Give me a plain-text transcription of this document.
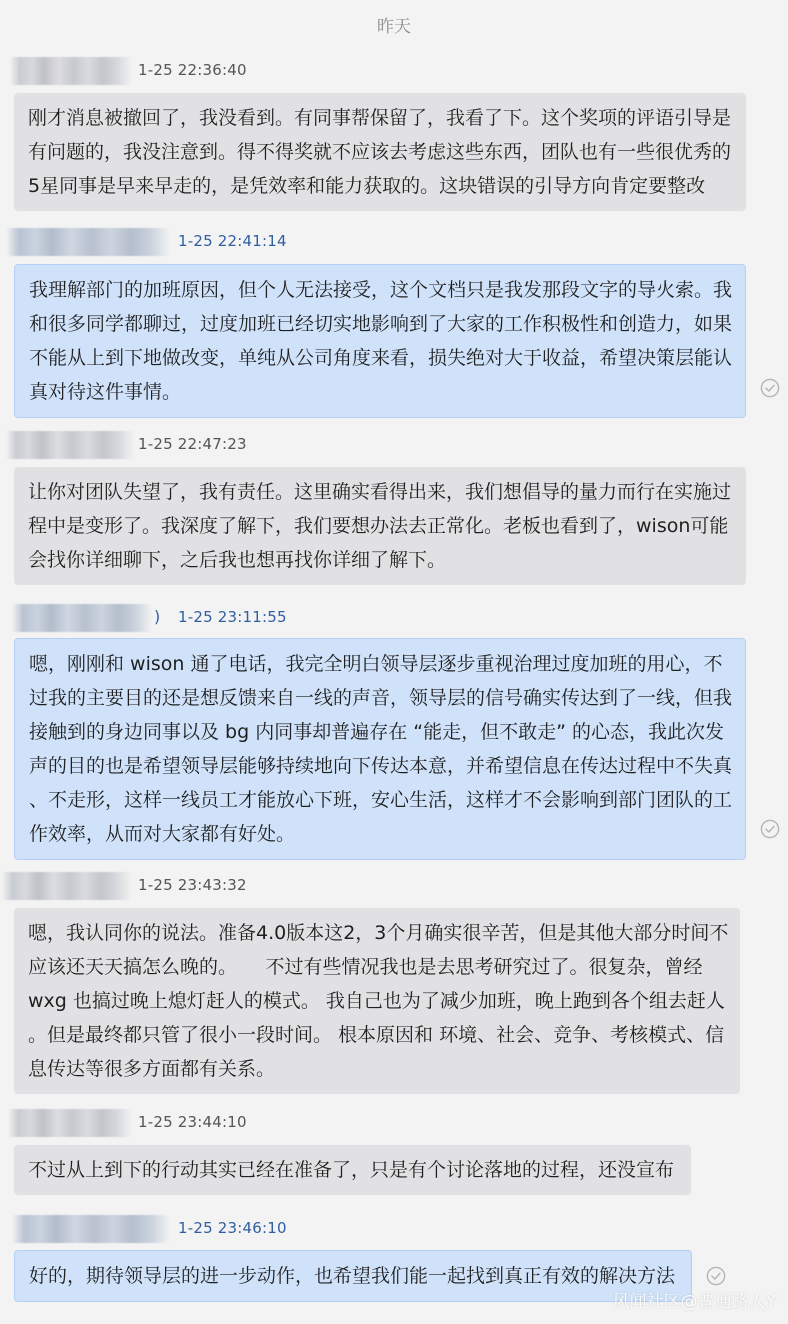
昨天
1-25 22:36:40
刚才消息被撤回了，我没看到。有同事帮保留了，我看了下。这个奖项的评语引导是
有问题的，我没注意到。得不得奖就不应该去考虑这些东西，团队也有一些很优秀的
5星同事是早来早走的，是凭效率和能力获取的。这块错误的引导方向肯定要整改
1-25 22:41:14
我理解部门的加班原因，但个人无法接受，这个文档只是我发那段文字的导火索。我
和很多同学都聊过，过度加班已经切实地影响到了大家的工作积极性和创造力，如果
不能从上到下地做改变，单纯从公司角度来看，损失绝对大于收益，希望决策层能认
真对待这件事情。
1-25 22:47:23
让你对团队失望了，我有责任。这里确实看得出来，我们想倡导的量力而行在实施过
程中是变形了。我深度了解下，我们要想办法去正常化。老板也看到了，wison可能
会找你详细聊下，之后我也想再找你详细了解下。
) 1-25 23:11:55
嗯，刚刚和 wison 通了电话，我完全明白领导层逐步重视治理过度加班的用心，不
过我的主要目的还是想反馈来自一线的声音，领导层的信号确实传达到了一线，但我
接触到的身边同事以及 bg 内同事却普遍存在 “能走，但不敢走” 的心态，我此次发
声的目的也是希望领导层能够持续地向下传达本意，并希望信息在传达过程中不失真
、不走形，这样一线员工才能放心下班，安心生活，这样才不会影响到部门团队的工
作效率，从而对大家都有好处。
1-25 23:43:32
嗯，我认同你的说法。准备4.0版本这2，3个月确实很辛苦，但是其他大部分时间不
应该还天天搞怎么晚的。　　不过有些情况我也是去思考研究过了。很复杂，曾经
wxg 也搞过晚上熄灯赶人的模式。 我自己也为了减少加班，晚上跑到各个组去赶人
。但是最终都只管了很小一段时间。 根本原因和 环境、社会、竞争、考核模式、信
息传达等很多方面都有关系。
1-25 23:44:10
不过从上到下的行动其实已经在准备了，只是有个讨论落地的过程，还没宣布
1-25 23:46:10
好的，期待领导层的进一步动作，也希望我们能一起找到真正有效的解决方法
风闻社区@普通路人Y
